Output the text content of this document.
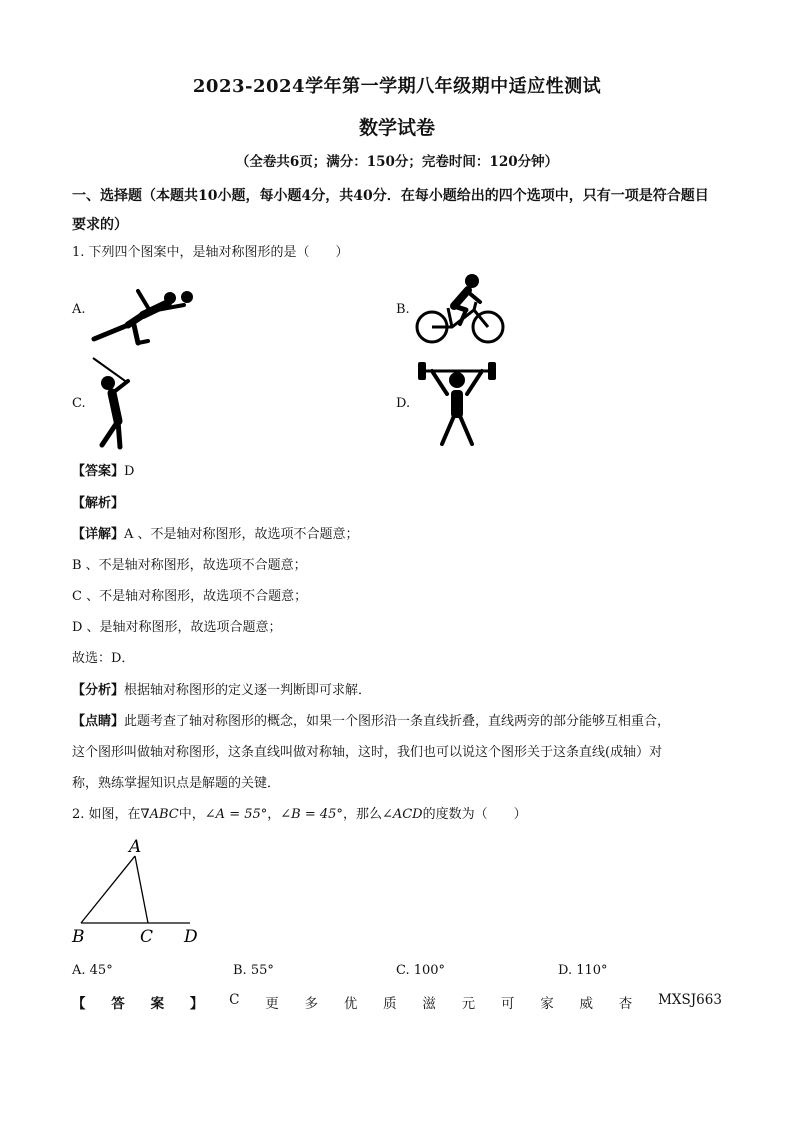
2023-2024学年第一学期八年级期中适应性测试
数学试卷
（全卷共6页；满分：150分；完卷时间：120分钟）
一、选择题（本题共10小题，每小题4分，共40分．在每小题给出的四个选项中，只有一项是符合题目要求的）
1. 下列四个图案中，是轴对称图形的是（　　）
A.	B.
C.	D.
【答案】D
【解析】
【详解】A 、不是轴对称图形，故选项不合题意；
B 、不是轴对称图形，故选项不合题意；
C 、不是轴对称图形，故选项不合题意；
D 、是轴对称图形，故选项合题意；
故选：D．
【分析】根据轴对称图形的定义逐一判断即可求解．
【点睛】此题考查了轴对称图形的概念，如果一个图形沿一条直线折叠，直线两旁的部分能够互相重合，
这个图形叫做轴对称图形，这条直线叫做对称轴，这时，我们也可以说这个图形关于这条直线(成轴）对
称，熟练掌握知识点是解题的关键．
2. 如图，在∇ABC中，∠A = 55°，∠B = 45°，那么∠ACD的度数为（　　）
A
B	C D
A. 45°	B. 55°	C. 100°	D. 110°
【 答 案 】 C 更 多 优 质 滋 元 可 家 威 杏 MXSJ663
